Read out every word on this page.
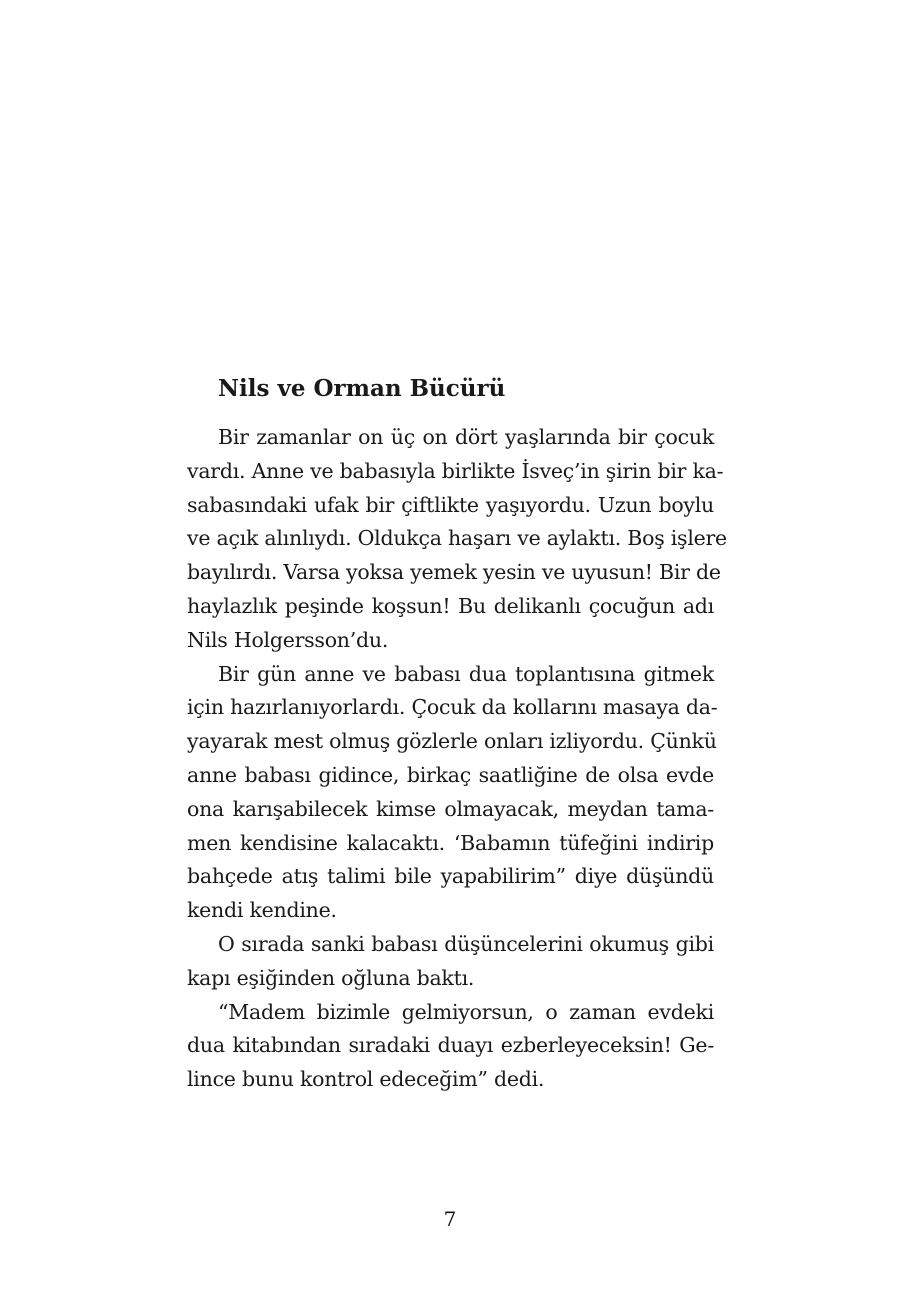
Nils ve Orman Bücürü
Bir zamanlar on üç on dört yaşlarında bir çocuk
vardı. Anne ve babasıyla birlikte İsveç’in şirin bir ka-
sabasındaki ufak bir çiftlikte yaşıyordu. Uzun boylu
ve açık alınlıydı. Oldukça haşarı ve aylaktı. Boş işlere
bayılırdı. Varsa yoksa yemek yesin ve uyusun! Bir de
haylazlık peşinde koşsun! Bu delikanlı çocuğun adı
Nils Holgersson’du.
Bir gün anne ve babası dua toplantısına gitmek
için hazırlanıyorlardı. Çocuk da kollarını masaya da-
yayarak mest olmuş gözlerle onları izliyordu. Çünkü
anne babası gidince, birkaç saatliğine de olsa evde
ona karışabilecek kimse olmayacak, meydan tama-
men kendisine kalacaktı. ‘Babamın tüfeğini indirip
bahçede atış talimi bile yapabilirim” diye düşündü
kendi kendine.
O sırada sanki babası düşüncelerini okumuş gibi
kapı eşiğinden oğluna baktı.
“Madem bizimle gelmiyorsun, o zaman evdeki
dua kitabından sıradaki duayı ezberleyeceksin! Ge-
lince bunu kontrol edeceğim” dedi.
7
